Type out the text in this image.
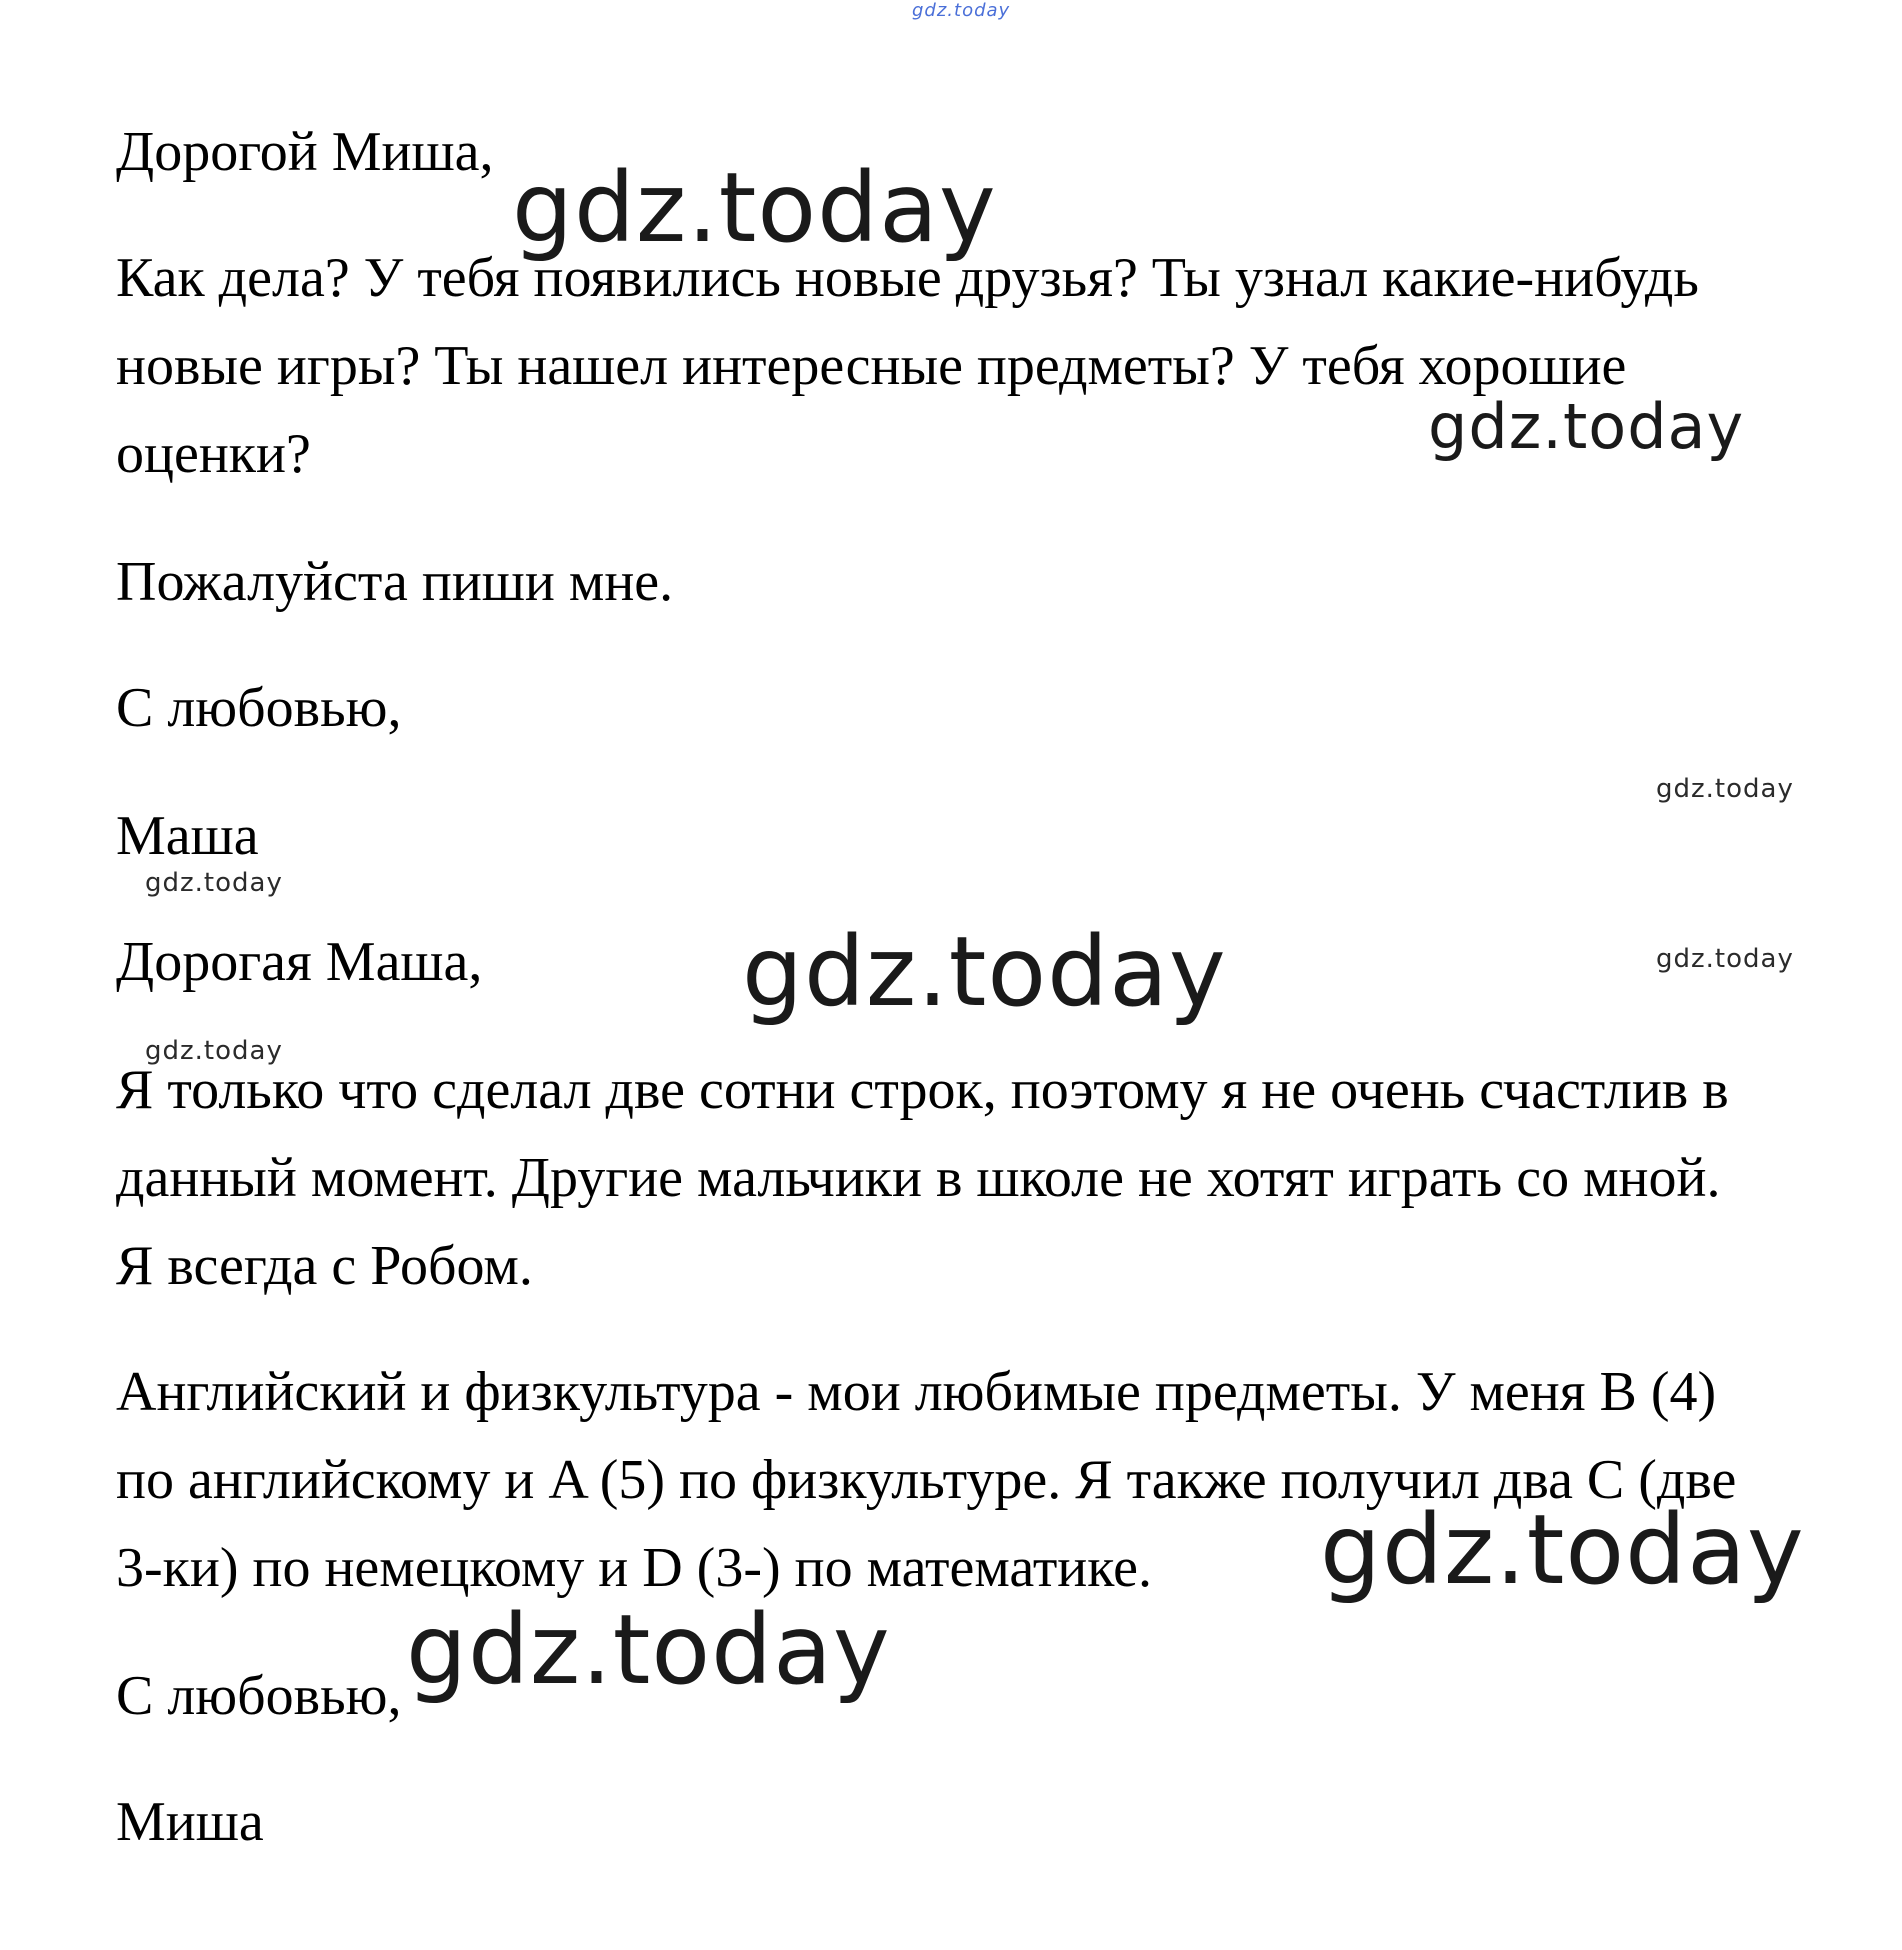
Дорогой Миша,

Как дела? У тебя появились новые друзья? Ты узнал какие-нибудь

новые игры? Ты нашел интересные предметы? У тебя хорошие

оценки?

Пожалуйста пиши мне.

С любовью,

Маша

Дорогая Маша,

Я только что сделал две сотни строк, поэтому я не очень счастлив в

данный момент. Другие мальчики в школе не хотят играть со мной.

Я всегда с Робом.

Английский и физкультура - мои любимые предметы. У меня B (4)

по английскому и A (5) по физкультуре. Я также получил два C (две

3-ки) по немецкому и D (3-) по математике.

С любовью,

Миша

gdz.today
gdz.today
gdz.today
gdz.today
gdz.today
gdz.today	gdz.today
gdz.today
gdz.today
gdz.today
